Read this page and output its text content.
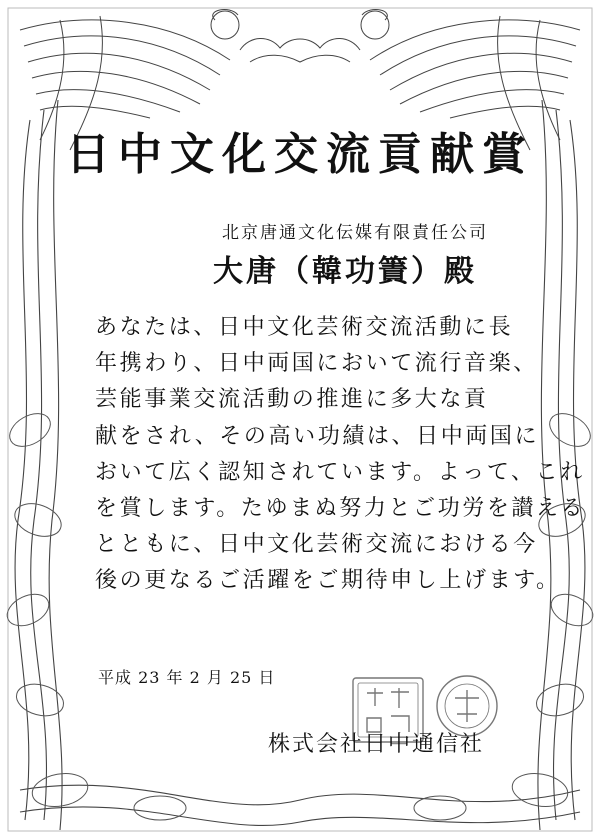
日中文化交流貢献賞
北京唐通文化伝媒有限責任公司
大唐（韓功簀）殿
あなたは、日中文化芸術交流活動に長
年携わり、日中両国において流行音楽、
芸能事業交流活動の推進に多大な貢
献をされ、その高い功績は、日中両国に
おいて広く認知されています。よって、これ
を賞します。たゆまぬ努力とご功労を讃える
とともに、日中文化芸術交流における今
後の更なるご活躍をご期待申し上げます。
平成 23 年 2 月 25 日
株式会社日中通信社
